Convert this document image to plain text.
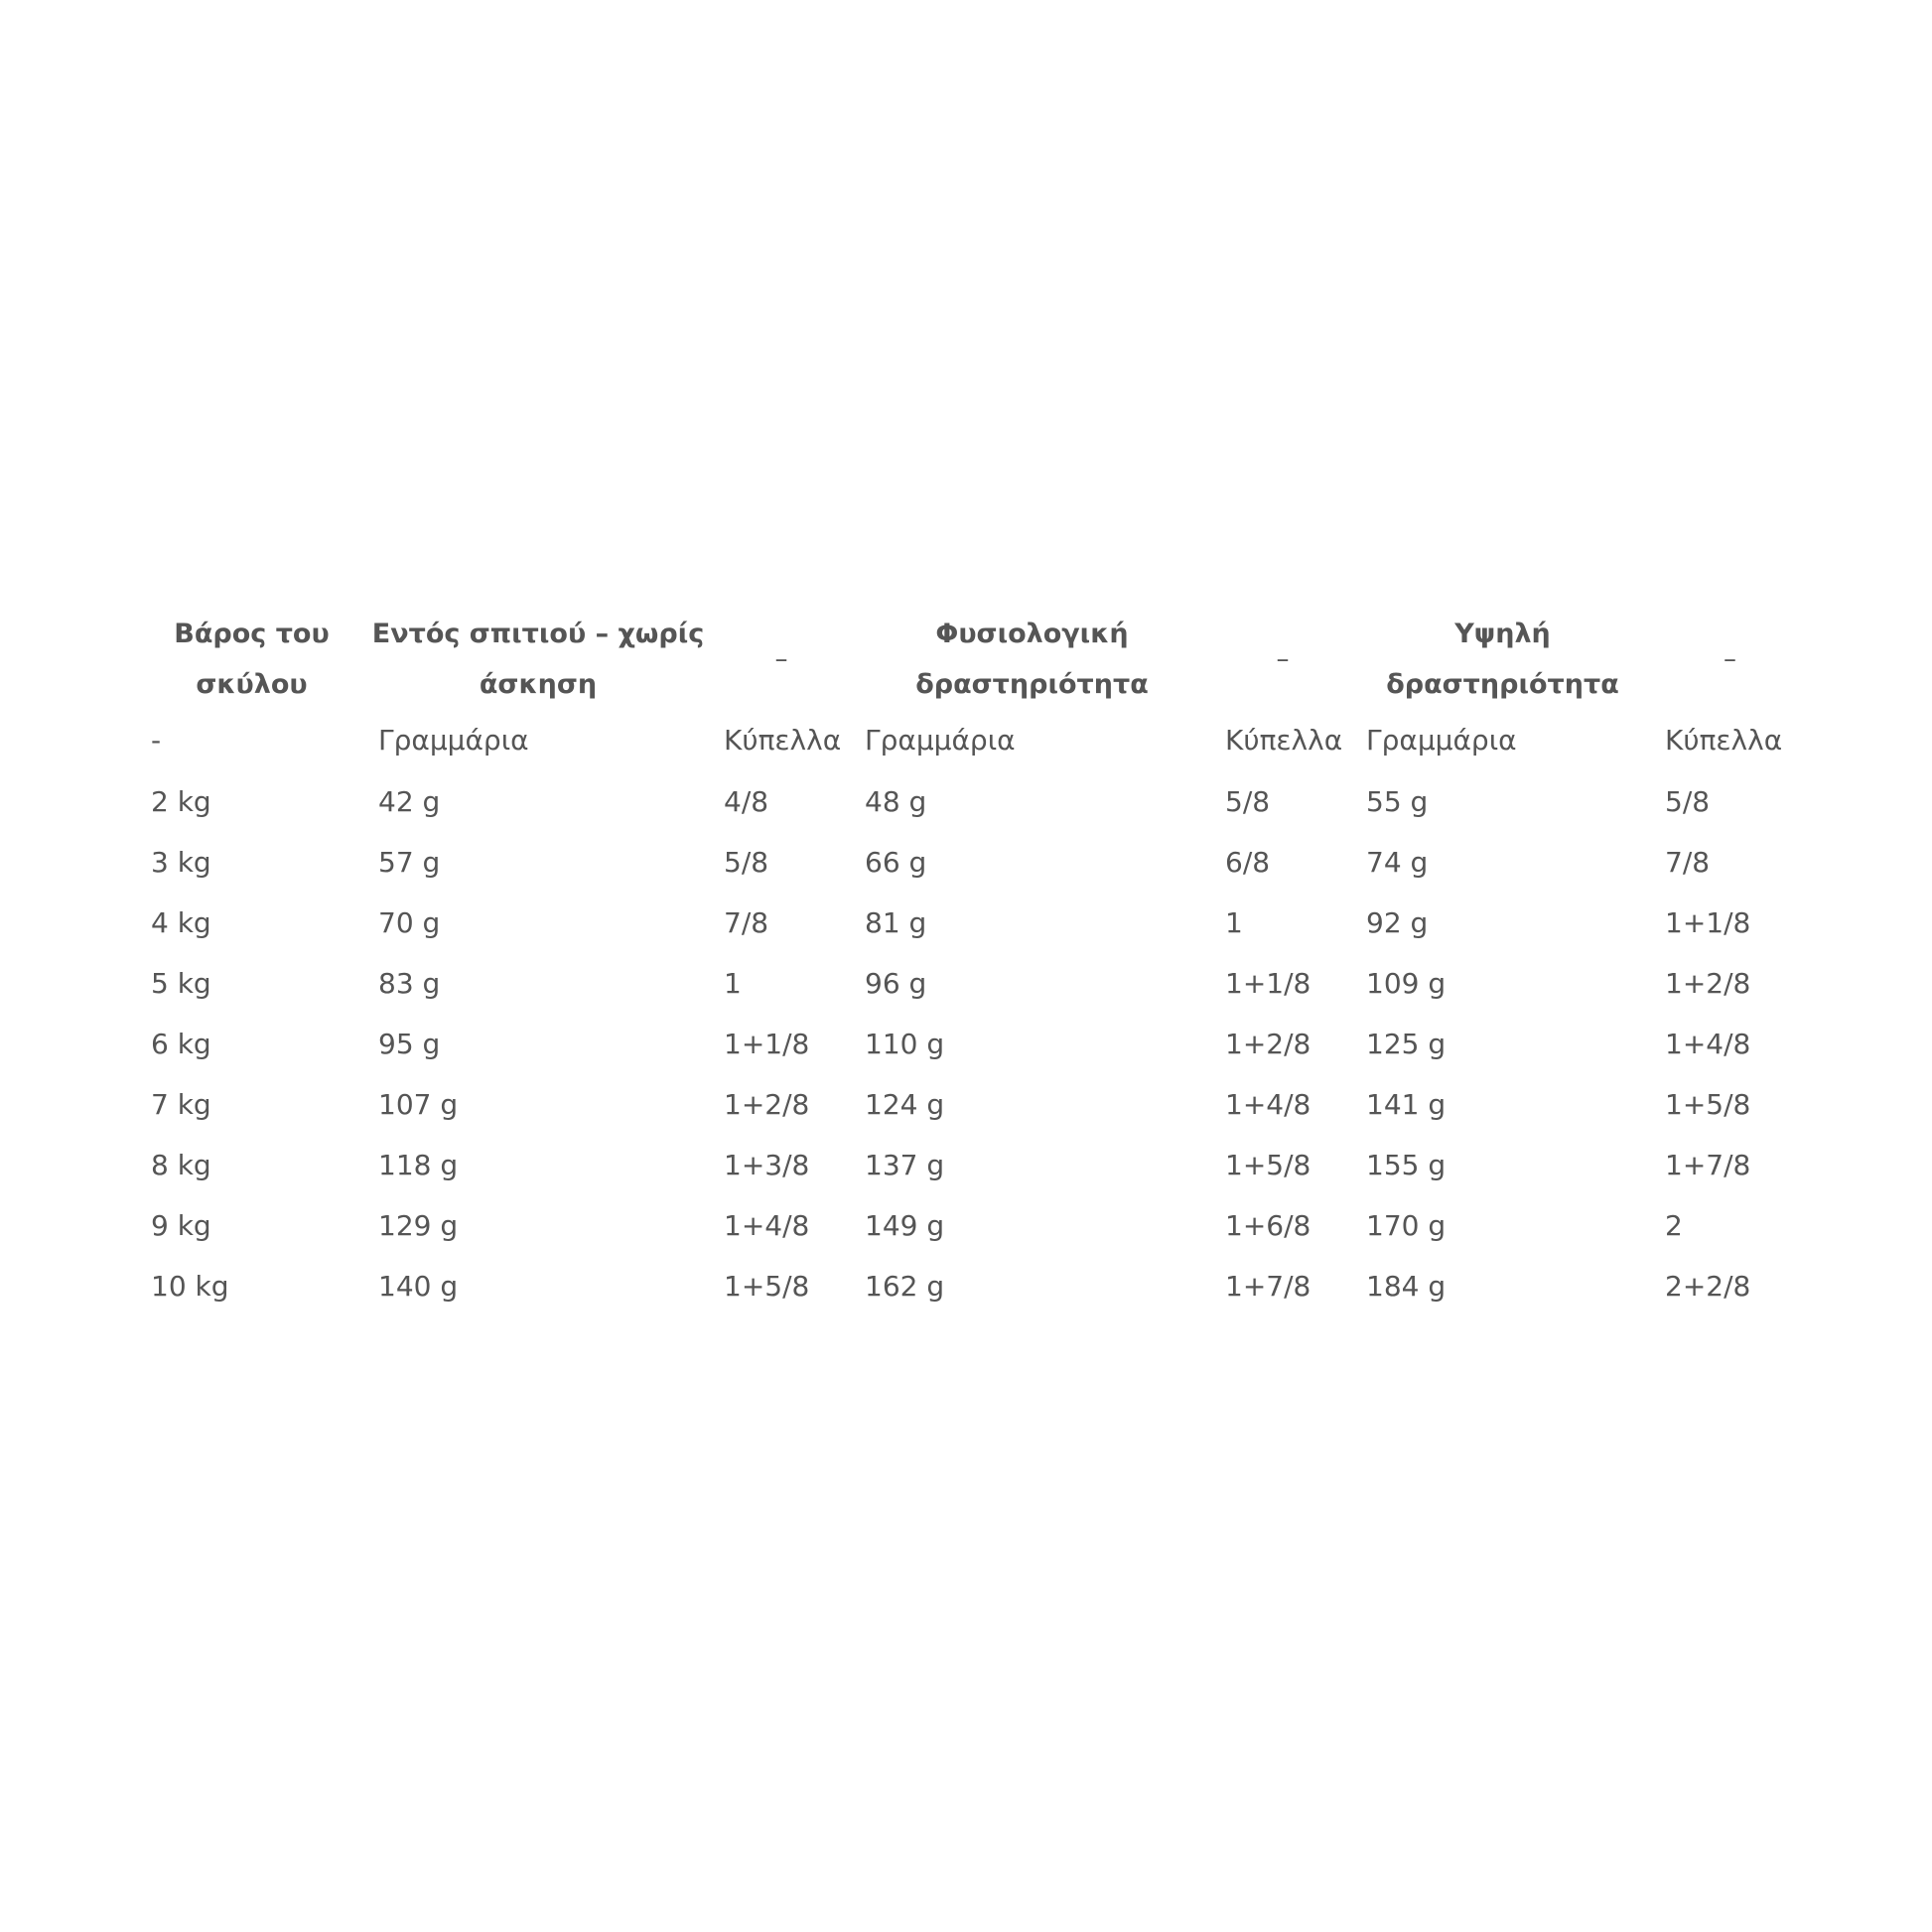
Βάρος του σκύλου	Εντός σπιτιού – χωρίς άσκηση	–	Φυσιολογική δραστηριότητα	–	Υψηλή δραστηριότητα	–
-	Γραμμάρια	Κύπελλα	Γραμμάρια	Κύπελλα	Γραμμάρια	Κύπελλα
2 kg	42 g	4/8	48 g	5/8	55 g	5/8
3 kg	57 g	5/8	66 g	6/8	74 g	7/8
4 kg	70 g	7/8	81 g	1	92 g	1+1/8
5 kg	83 g	1	96 g	1+1/8	109 g	1+2/8
6 kg	95 g	1+1/8	110 g	1+2/8	125 g	1+4/8
7 kg	107 g	1+2/8	124 g	1+4/8	141 g	1+5/8
8 kg	118 g	1+3/8	137 g	1+5/8	155 g	1+7/8
9 kg	129 g	1+4/8	149 g	1+6/8	170 g	2
10 kg	140 g	1+5/8	162 g	1+7/8	184 g	2+2/8
